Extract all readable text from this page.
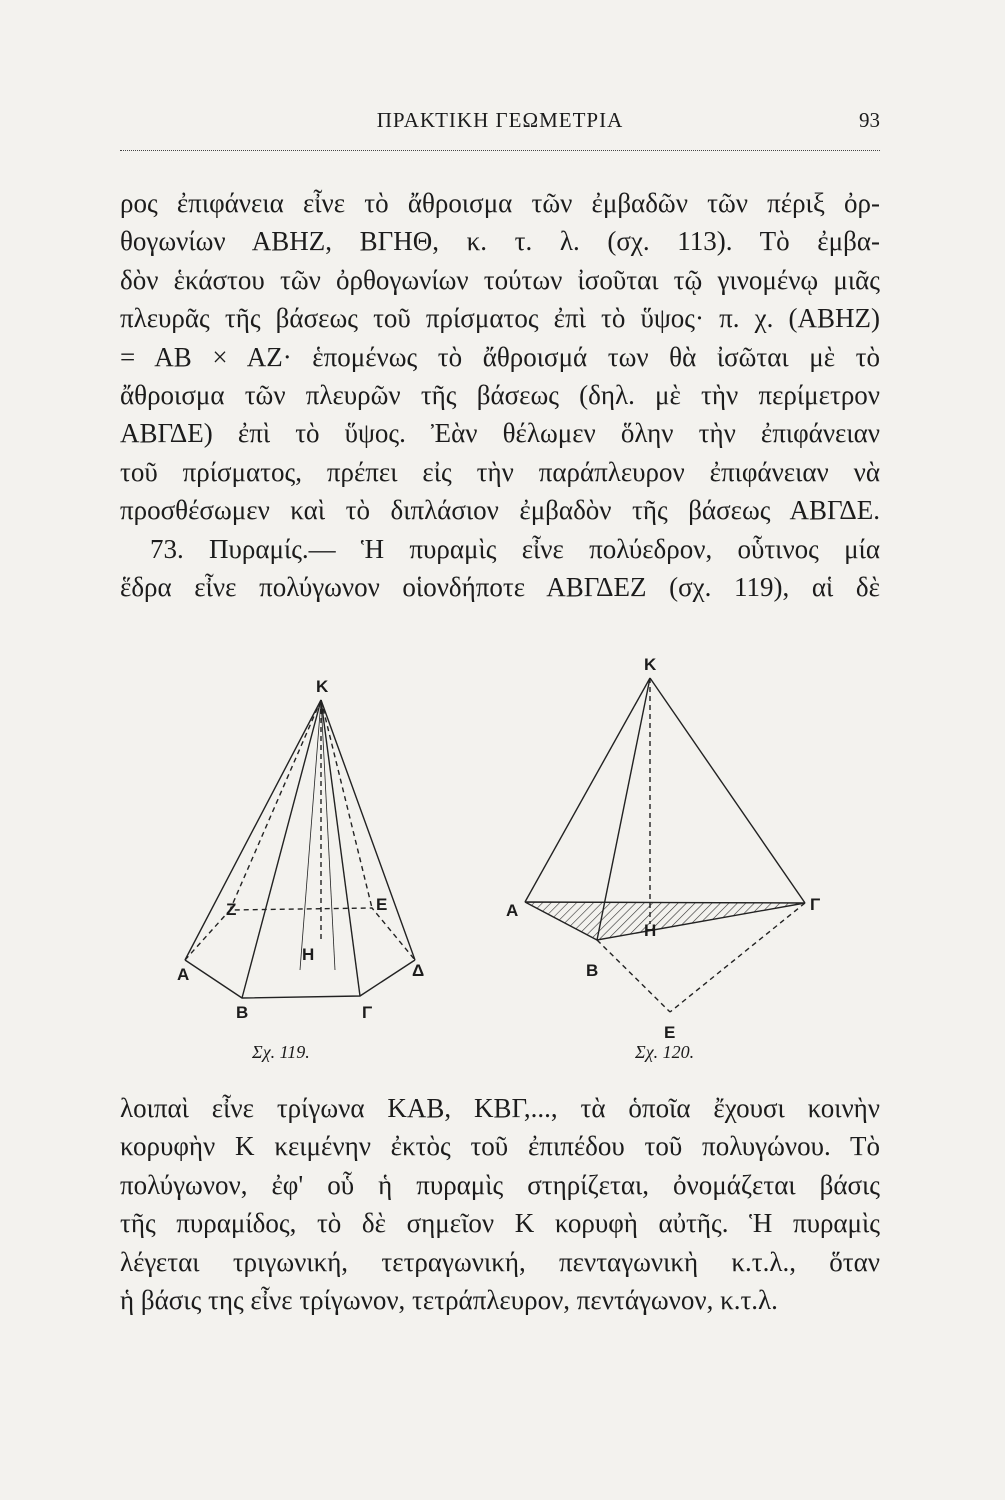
ΠΡΑΚΤΙΚΗ ΓΕΩΜΕΤΡΙΑ	93
ρος ἐπιφάνεια εἶνε τὸ ἄθροισμα τῶν ἐμβαδῶν τῶν πέριξ ὀρ-
θογωνίων ΑΒΗΖ, ΒΓΗΘ, κ. τ. λ. (σχ. 113). Τὸ ἐμβα-
δὸν ἑκάστου τῶν ὀρθογωνίων τούτων ἰσοῦται τῷ γινομένῳ μιᾶς
πλευρᾶς τῆς βάσεως τοῦ πρίσματος ἐπὶ τὸ ὕψος· π. χ. (ΑΒΗΖ)
= ΑΒ × ΑΖ· ἑπομένως τὸ ἄθροισμά των θὰ ἰσῶται μὲ τὸ
ἄθροισμα τῶν πλευρῶν τῆς βάσεως (δηλ. μὲ τὴν περίμετρον
ΑΒΓΔΕ) ἐπὶ τὸ ὕψος. Ἐὰν θέλωμεν ὅλην τὴν ἐπιφάνειαν
τοῦ πρίσματος, πρέπει εἰς τὴν παράπλευρον ἐπιφάνειαν νὰ
προσθέσωμεν καὶ τὸ διπλάσιον ἐμβαδὸν τῆς βάσεως ΑΒΓΔΕ.
73. Πυραμίς.— Ἡ πυραμὶς εἶνε πολύεδρον, οὗτινος μία
ἕδρα εἶνε πολύγωνον οἱονδήποτε ΑΒΓΔΕΖ (σχ. 119), αἱ δὲ
Κ
Α
Β	Γ
Δ
Ε
Ζ
Η
Κ
Α
Β
Γ
Ε
Η
Σχ. 119.	Σχ. 120.
λοιπαὶ εἶνε τρίγωνα ΚΑΒ, ΚΒΓ,..., τὰ ὁποῖα ἔχουσι κοινὴν
κορυφὴν Κ κειμένην ἐκτὸς τοῦ ἐπιπέδου τοῦ πολυγώνου. Τὸ
πολύγωνον, ἐφ' οὗ ἡ πυραμὶς στηρίζεται, ὀνομάζεται βάσις
τῆς πυραμίδος, τὸ δὲ σημεῖον Κ κορυφὴ αὐτῆς. Ἡ πυραμὶς
λέγεται τριγωνική, τετραγωνική, πενταγωνικὴ κ.τ.λ., ὅταν
ἡ βάσις της εἶνε τρίγωνον, τετράπλευρον, πεντάγωνον, κ.τ.λ.
